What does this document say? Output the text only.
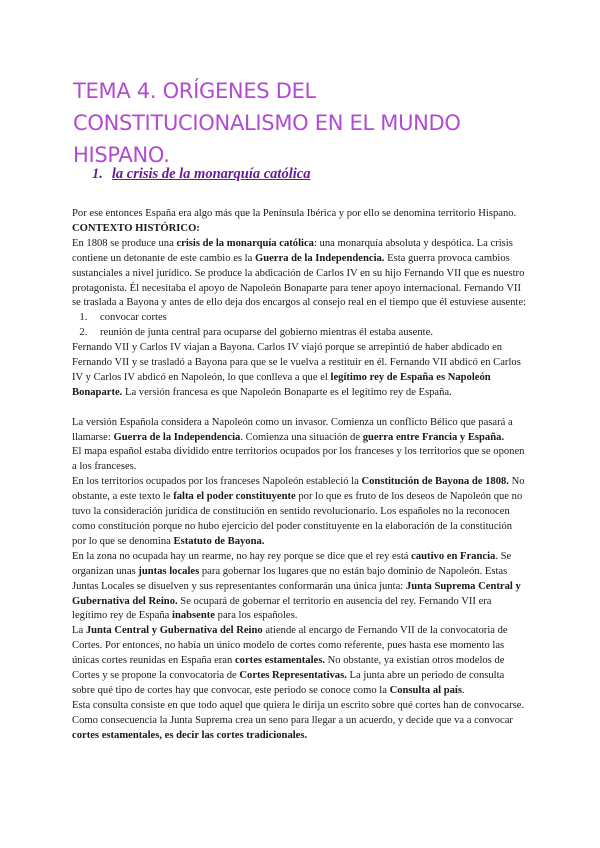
TEMA 4. ORÍGENES DEL CONSTITUCIONALISMO EN EL MUNDO HISPANO.
1. la crisis de la monarquía católica

Por ese entonces España era algo más que la Península Ibérica y por ello se denomina territorio Hispano.

CONTEXTO HISTÓRICO:

En 1808 se produce una crisis de la monarquía católica: una monarquía absoluta y despótica. La crisis contiene un detonante de este cambio es la Guerra de la Independencia. Esta guerra provoca cambios sustanciales a nivel jurídico. Se produce la abdicación de Carlos IV en su hijo Fernando VII que es nuestro protagonista. Él necesitaba el apoyo de Napoleón Bonaparte para tener apoyo internacional. Fernando VII se traslada a Bayona y antes de ello deja dos encargos al consejo real en el tiempo que él estuviese ausente:

1. convocar cortes
2. reunión de junta central para ocuparse del gobierno mientras él estaba ausente.

Fernando VII y Carlos IV viajan a Bayona. Carlos IV viajó porque se arrepintió de haber abdicado en Fernando VII y se trasladó a Bayona para que se le vuelva a restituir en él. Fernando VII abdicó en Carlos IV y Carlos IV abdicó en Napoleón, lo que conlleva a que el legítimo rey de España es Napoleón Bonaparte. La versión francesa es que Napoleón Bonaparte es el legítimo rey de España.

La versión Española considera a Napoleón como un invasor. Comienza un conflicto Bélico que pasará a llamarse: Guerra de la Independencia. Comienza una situación de guerra entre Francia y España.

El mapa español estaba dividido entre territorios ocupados por los franceses y los territorios que se oponen a los franceses.

En los territorios ocupados por los franceses Napoleón estableció la Constitución de Bayona de 1808. No obstante, a este texto le falta el poder constituyente por lo que es fruto de los deseos de Napoleón que no tuvo la consideración jurídica de constitución en sentido revolucionario. Los españoles no la reconocen como constitución porque no hubo ejercicio del poder constituyente en la elaboración de la constitución por lo que se denomina Estatuto de Bayona.

En la zona no ocupada hay un rearme, no hay rey porque se dice que el rey está cautivo en Francia. Se organizan unas juntas locales para gobernar los lugares que no están bajo dominio de Napoleón. Estas Juntas Locales se disuelven y sus representantes conformarán una única junta: Junta Suprema Central y Gubernativa del Reino. Se ocupará de gobernar el territorio en ausencia del rey. Fernando VII era legítimo rey de España inabsente para los españoles.

La Junta Central y Gubernativa del Reino atiende al encargo de Fernando VII de la convocatoria de Cortes. Por entonces, no había un único modelo de cortes como referente, pues hasta ese momento las únicas cortes reunidas en España eran cortes estamentales. No obstante, ya existían otros modelos de Cortes y se propone la convocatoria de Cortes Representativas. La junta abre un periodo de consulta sobre qué tipo de cortes hay que convocar, este periodo se conoce como la Consulta al país.

Esta consulta consiste en que todo aquel que quiera le dirija un escrito sobre qué cortes han de convocarse. Como consecuencia la Junta Suprema crea un seno para llegar a un acuerdo, y decide que va a convocar cortes estamentales, es decir las cortes tradicionales.
